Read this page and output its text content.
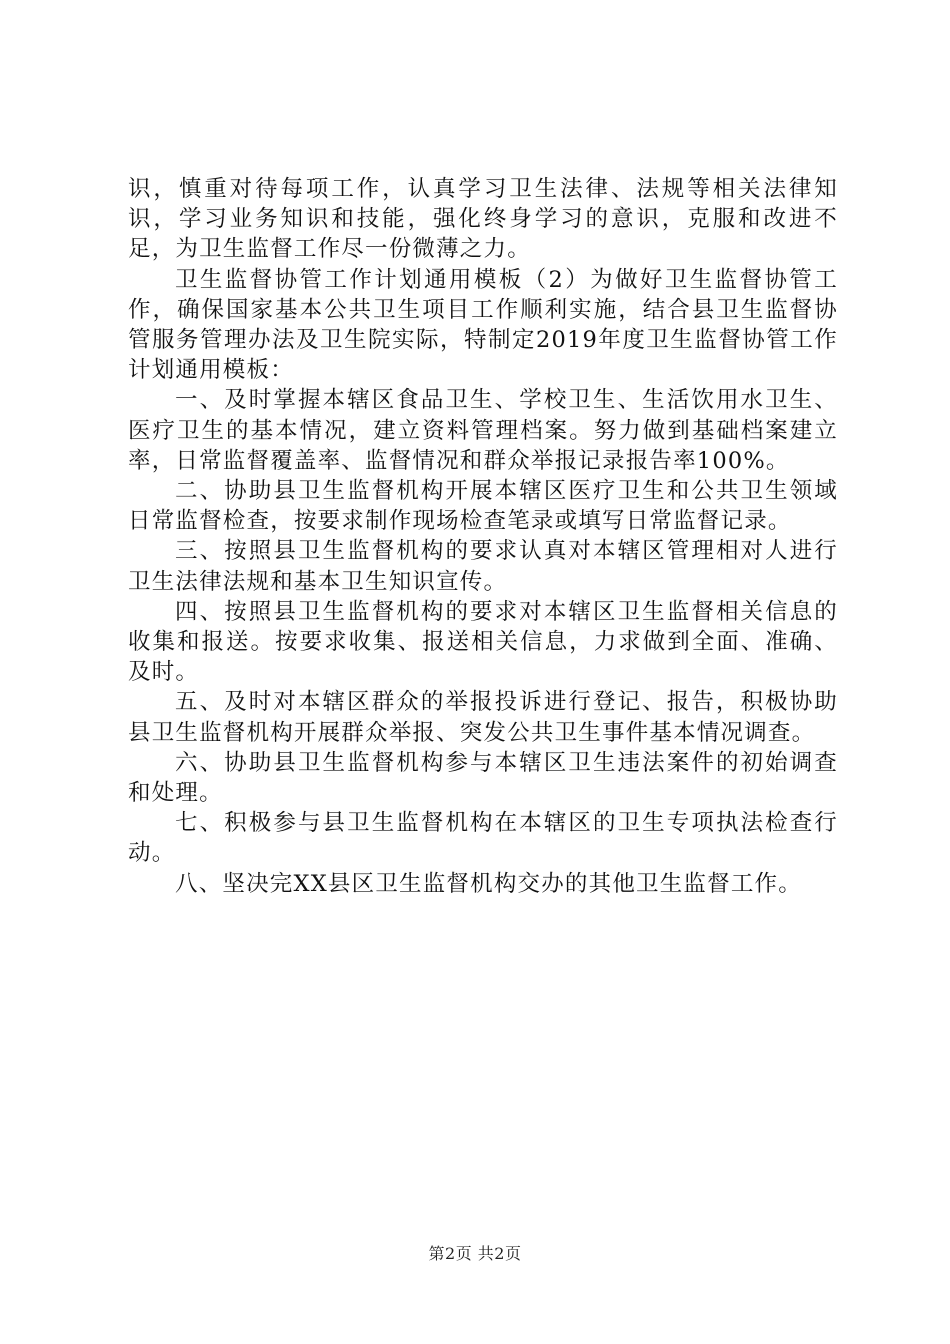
识，慎重对待每项工作，认真学习卫生法律、法规等相关法律知识，学习业务知识和技能，强化终身学习的意识，克服和改进不足，为卫生监督工作尽一份微薄之力。

卫生监督协管工作计划通用模板（2）为做好卫生监督协管工作，确保国家基本公共卫生项目工作顺利实施，结合县卫生监督协管服务管理办法及卫生院实际，特制定2019年度卫生监督协管工作计划通用模板：

一、及时掌握本辖区食品卫生、学校卫生、生活饮用水卫生、医疗卫生的基本情况，建立资料管理档案。努力做到基础档案建立率，日常监督覆盖率、监督情况和群众举报记录报告率100%。

二、协助县卫生监督机构开展本辖区医疗卫生和公共卫生领域日常监督检查，按要求制作现场检查笔录或填写日常监督记录。

三、按照县卫生监督机构的要求认真对本辖区管理相对人进行卫生法律法规和基本卫生知识宣传。

四、按照县卫生监督机构的要求对本辖区卫生监督相关信息的收集和报送。按要求收集、报送相关信息，力求做到全面、准确、及时。

五、及时对本辖区群众的举报投诉进行登记、报告，积极协助县卫生监督机构开展群众举报、突发公共卫生事件基本情况调查。

六、协助县卫生监督机构参与本辖区卫生违法案件的初始调查和处理。

七、积极参与县卫生监督机构在本辖区的卫生专项执法检查行动。

八、坚决完XX县区卫生监督机构交办的其他卫生监督工作。

第2页 共2页
